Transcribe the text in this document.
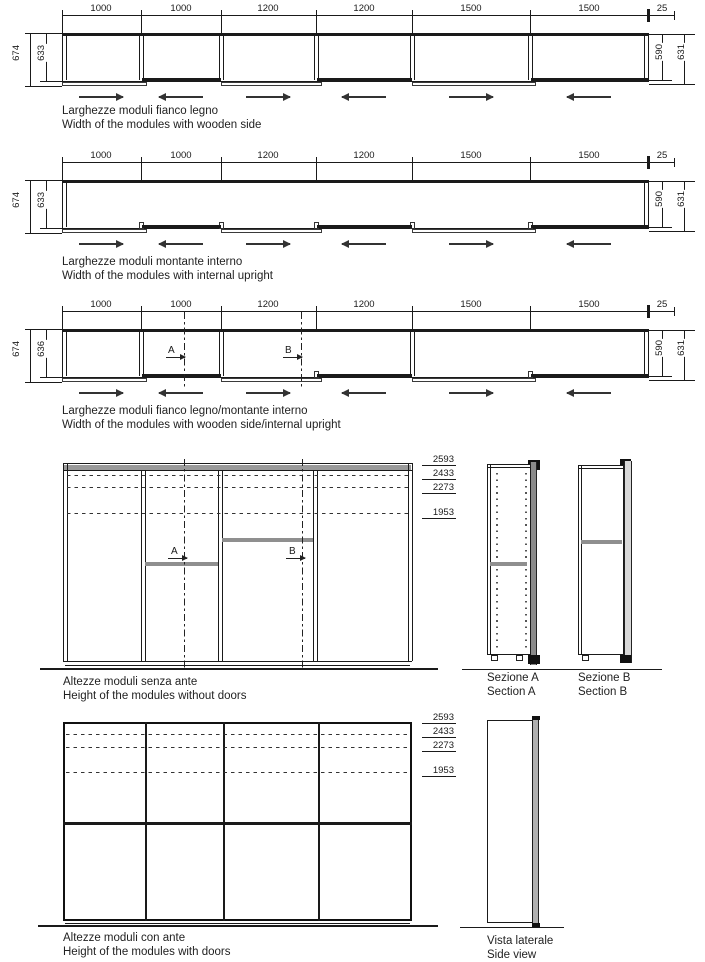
1000	1000	1200	1200	1500	1500	25
674 633	590 631
Larghezze moduli fianco legno
Width of the modules with wooden side
1000	1000	1200	1200	1500	1500	25
674 633	590 631
Larghezze moduli montante interno
Width of the modules with internal upright
1000	1000	1200	1200	1500	1500	25
A	B
674 636	590 631
Larghezze moduli fianco legno/montante interno
Width of the modules with wooden side/internal upright
2593
2433
2273
1953
A	B
Altezze moduli senza ante
Height of the modules without doors
Sezione A
Section A
Sezione B
Section B
2593
2433
2273
1953
Altezze moduli con ante
Height of the modules with doors
Vista laterale
Side view
